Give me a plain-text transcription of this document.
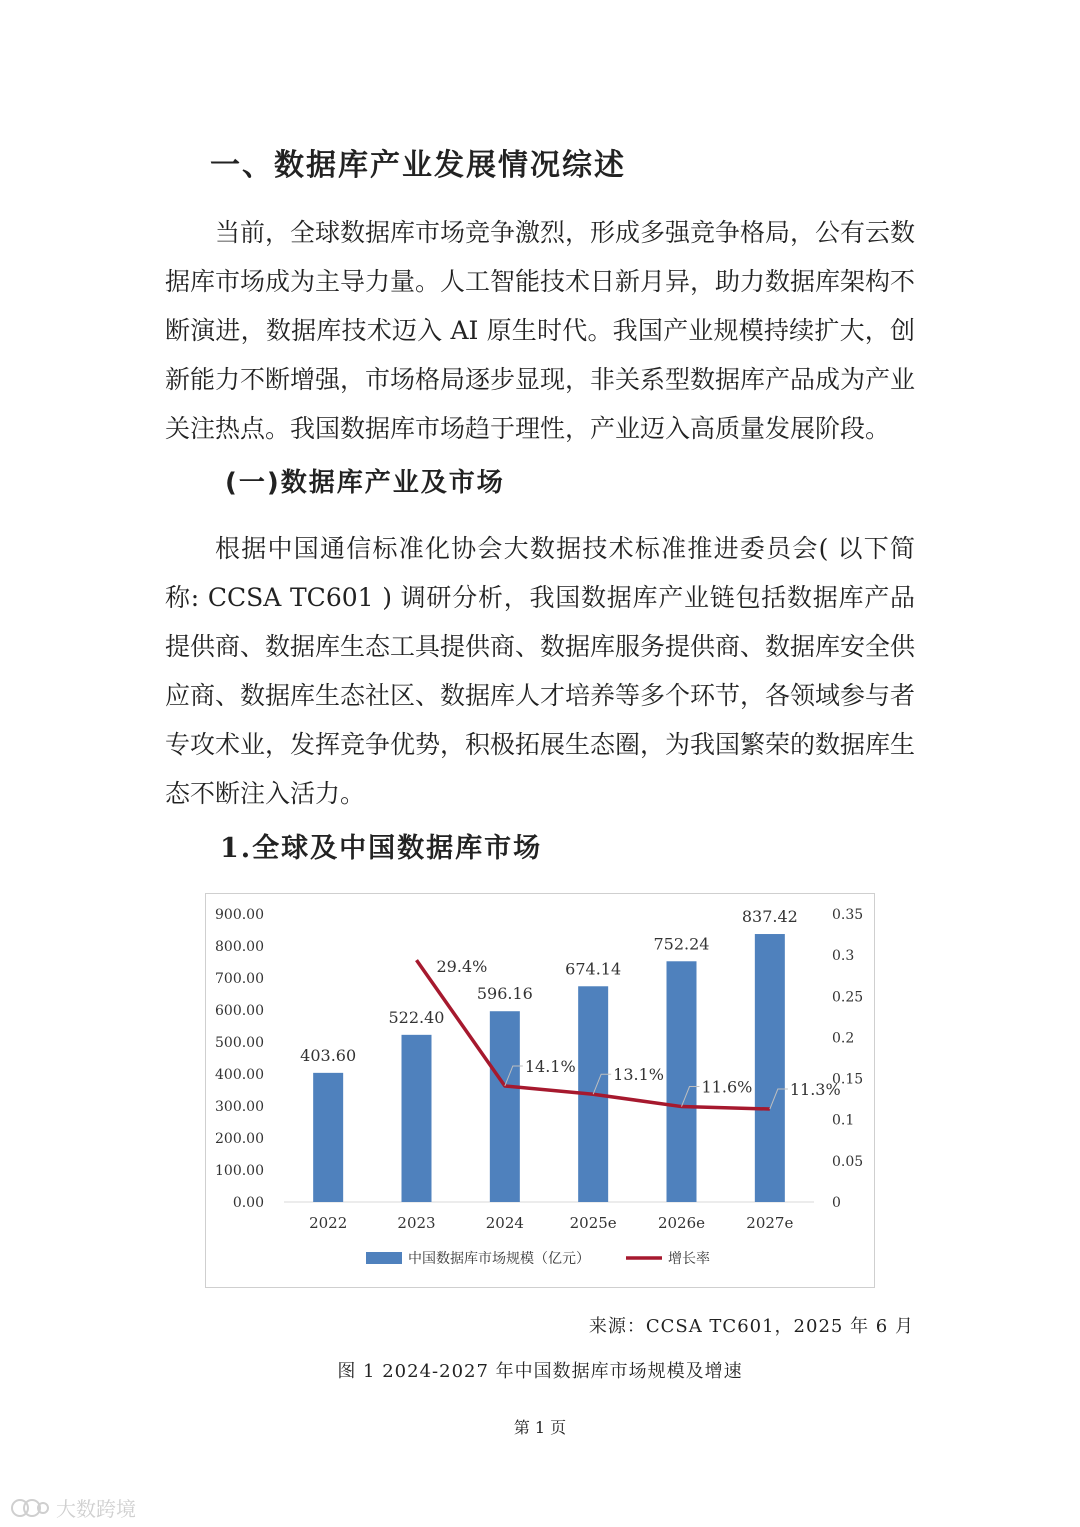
一、数据库产业发展情况综述

当前，全球数据库市场竞争激烈，形成多强竞争格局，公有云数据库市场成为主导力量。人工智能技术日新月异，助力数据库架构不断演进，数据库技术迈入 AI 原生时代。我国产业规模持续扩大，创新能力不断增强，市场格局逐步显现，非关系型数据库产品成为产业关注热点。我国数据库市场趋于理性，产业迈入高质量发展阶段。

(一)数据库产业及市场

根据中国通信标准化协会大数据技术标准推进委员会( 以下简称: CCSA TC601 ) 调研分析，我国数据库产业链包括数据库产品提供商、数据库生态工具提供商、数据库服务提供商、数据库安全供应商、数据库生态社区、数据库人才培养等多个环节，各领域参与者专攻术业，发挥竞争优势，积极拓展生态圈，为我国繁荣的数据库生态不断注入活力。

1.全球及中国数据库市场
0.00
100.00
200.00
300.00
400.00
500.00
600.00
700.00
800.00
900.00
0
0.05
0.1
0.15
0.2
0.25
0.3
0.35
403.60
522.40
596.16
674.14
752.24
837.42
2022	2023	2024	2025e	2026e	2027e
29.4%
14.1% 13.1%
11.6% 11.3%
中国数据库市场规模（亿元）	增长率
来源：CCSA TC601，2025 年 6 月
图 1 2024-2027 年中国数据库市场规模及增速
第 1 页
大数跨境
